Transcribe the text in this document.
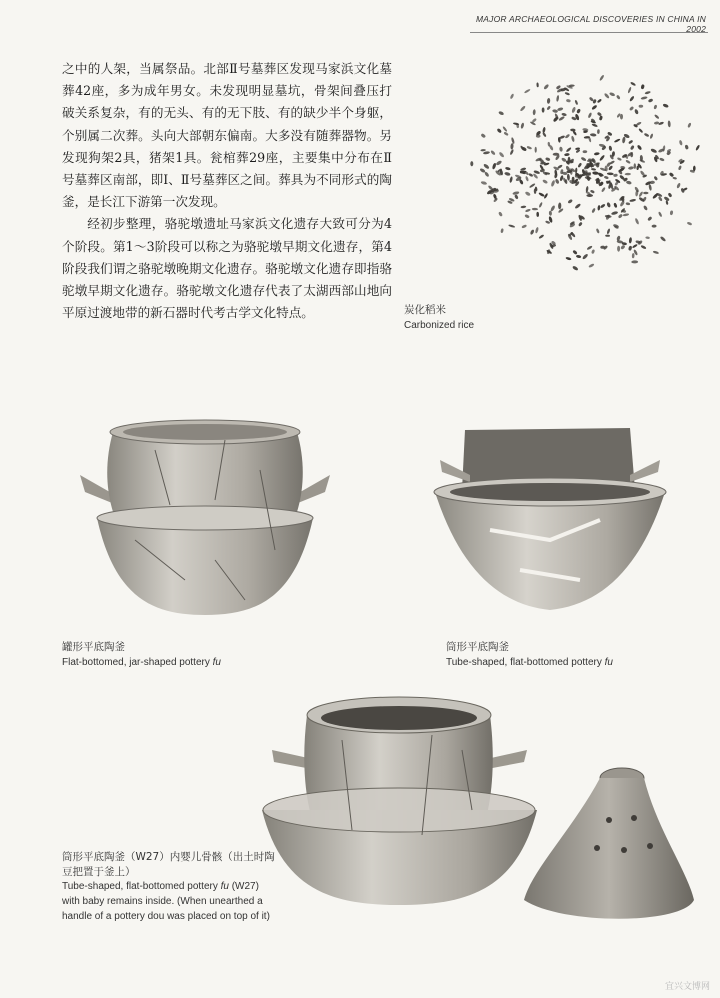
MAJOR ARCHAEOLOGICAL DISCOVERIES IN CHINA IN 2002

之中的人架，当属祭品。北部Ⅱ号墓葬区发现马家浜文化墓葬42座，多为成年男女。未发现明显墓坑，骨架间叠压打破关系复杂，有的无头、有的无下肢、有的缺少半个身躯，个别属二次葬。头向大部朝东偏南。大多没有随葬器物。另发现狗架2具，猪架1具。瓮棺葬29座，主要集中分布在Ⅱ号墓葬区南部，即Ⅰ、Ⅱ号墓葬区之间。葬具为不同形式的陶釜，是长江下游第一次发现。

经初步整理，骆驼墩遗址马家浜文化遗存大致可分为4个阶段。第1～3阶段可以称之为骆驼墩早期文化遗存，第4阶段我们谓之骆驼墩晚期文化遗存。骆驼墩文化遗存即指骆驼墩早期文化遗存。骆驼墩文化遗存代表了太湖西部山地向平原过渡地带的新石器时代考古学文化特点。	炭化稻米
Carbonized rice
罐形平底陶釜
Flat-bottomed, jar-shaped pottery fu
筒形平底陶釜
Tube-shaped, flat-bottomed pottery fu
筒形平底陶釜（W27）内婴儿骨骸（出土时陶豆把置于釜上）
Tube-shaped, flat-bottomed pottery fu (W27) with baby remains inside. (When unearthed a handle of a pottery dou was placed on top of it)
宜兴文博网
